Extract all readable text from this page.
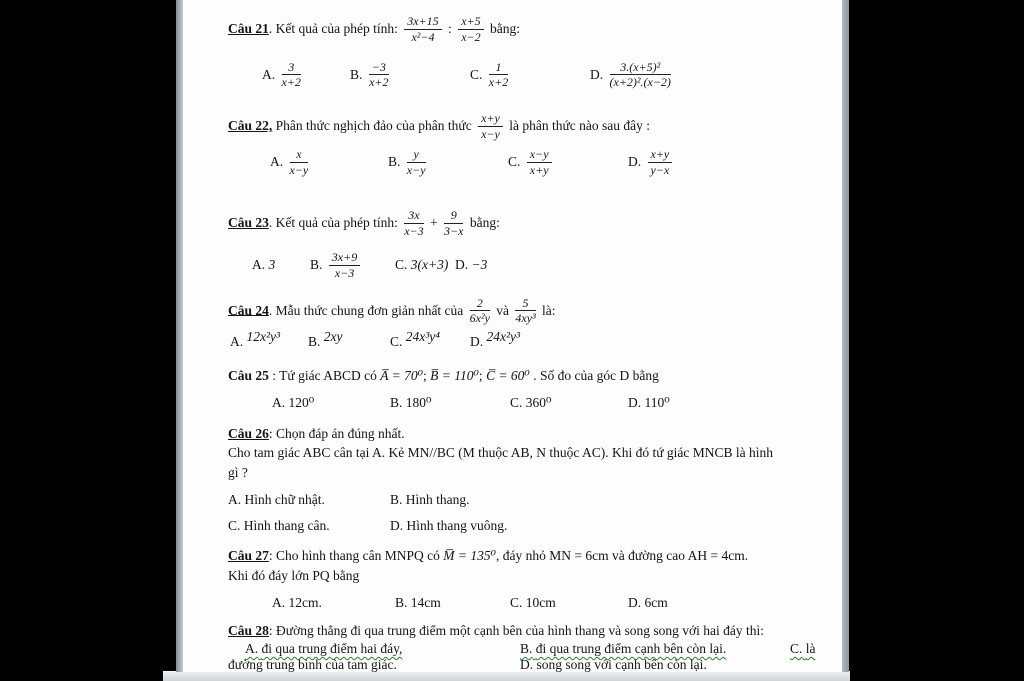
Câu 21. Kết quả của phép tính: $\frac{3x+15}{\text{x²−4}}$ : $\frac{x+5}{x-2}$ bằng:

A. $\frac{3}{x+2}$	B. $\frac{-3}{x+2}$	C. $\frac{1}{x+2}$	D. $\frac{\text{3.(x+5)²}}{\text{(x+2)².(x−2)}}$

Câu 22, Phân thức nghịch đảo của phân thức $\frac{x+y}{x-y}$ là phân thức nào sau đây :

A. $\frac{x}{x-y}$	B. $\frac{y}{x-y}$	C. $\frac{x-y}{x+y}$	D. $\frac{x+y}{y-x}$

Câu 23. Kết quả của phép tính: $\frac{3x}{x-3} + \frac{9}{3-x}$ bằng:

A. 3	B. $\frac{3x+9}{x-3}$	C. 3(x+3) D. −3

Câu 24. Mẫu thức chung đơn giản nhất của $\frac{2}{\text{6x²y}}$ và $\frac{5}{\text{4xy³}}$ là:

A. 12x²y³	B. 2xy	C. 24x³y⁴	D. 24x²y³

Câu 25 : Tứ giác ABCD có A̅ = 70⁰; B̅ = 110⁰; C̅ = 60⁰ . Số đo của góc D bằng

A. 120⁰	B. 180⁰	C. 360⁰	D. 110⁰

Câu 26: Chọn đáp án đúng nhất.

Cho tam giác ABC cân tại A. Kẻ MN//BC (M thuộc AB, N thuộc AC). Khi đó tứ giác MNCB là hình
gì ?

A. Hình chữ nhật.	B. Hình thang.
C. Hình thang cân.	D. Hình thang vuông.

Câu 27: Cho hình thang cân MNPQ có M̅ = 135⁰, đáy nhỏ MN = 6cm và đường cao AH = 4cm.
Khi đó đáy lớn PQ bằng

A. 12cm.	B. 14cm	C. 10cm	D. 6cm

Câu 28: Đường thẳng đi qua trung điểm một cạnh bên của hình thang và song song với hai đáy thì:

A. đi qua trung điểm hai đáy,	B. đi qua trung điểm cạnh bên còn lại.	C. là
đường trung bình của tam giác.	D. song song với cạnh bên còn lại.
